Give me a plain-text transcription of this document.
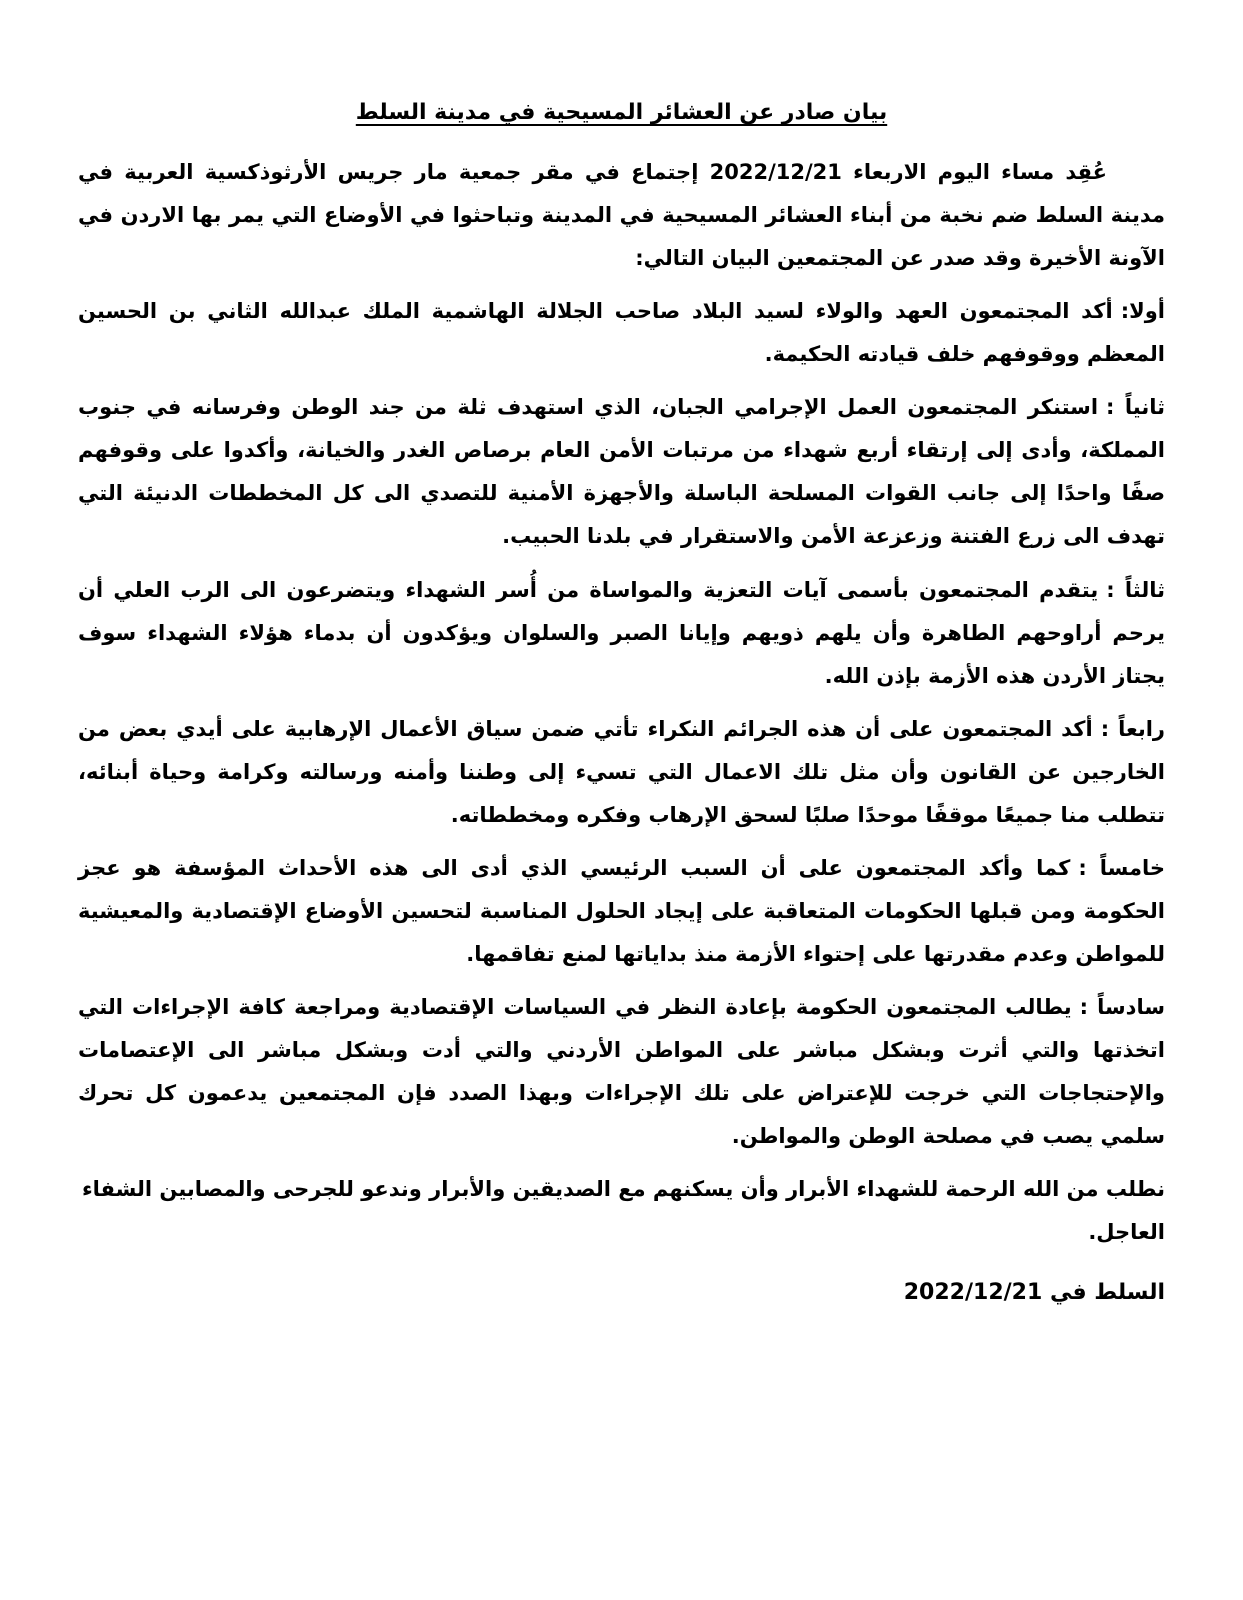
بيان صادر عن العشائر المسيحية في مدينة السلط

عُقِد مساء اليوم الاربعاء 2022/12/21 إجتماع في مقر جمعية مار جريس الأرثوذكسية العربية في مدينة السلط ضم نخبة من أبناء العشائر المسيحية في المدينة وتباحثوا في الأوضاع التي يمر بها الاردن في الآونة الأخيرة وقد صدر عن المجتمعين البيان التالي:

أولا:أكد المجتمعون العهد والولاء لسيد البلاد صاحب الجلالة الهاشمية الملك عبدالله الثاني بن الحسين المعظم ووقوفهم خلف قيادته الحكيمة.

ثانياً :استنكر المجتمعون العمل الإجرامي الجبان، الذي استهدف ثلة من جند الوطن وفرسانه في جنوب المملكة، وأدى إلى إرتقاء أربع شهداء من مرتبات الأمن العام برصاص الغدر والخيانة، وأكدوا على وقوفهم صفًا واحدًا إلى جانب القوات المسلحة الباسلة والأجهزة الأمنية للتصدي الى كل المخططات الدنيئة التي تهدف الى زرع الفتنة وزعزعة الأمن والاستقرار في بلدنا الحبيب.

ثالثاً :يتقدم المجتمعون بأسمى آيات التعزية والمواساة من أُسر الشهداء ويتضرعون الى الرب العلي أن يرحم أراوحهم الطاهرة وأن يلهم ذويهم وإيانا الصبر والسلوان ويؤكدون أن بدماء هؤلاء الشهداء سوف يجتاز الأردن هذه الأزمة بإذن الله.

رابعاً :أكد المجتمعون على أن هذه الجرائم النكراء تأتي ضمن سياق الأعمال الإرهابية على أيدي بعض من الخارجين عن القانون وأن مثل تلك الاعمال التي تسيء إلى وطننا وأمنه ورسالته وكرامة وحياة أبنائه، تتطلب منا جميعًا موقفًا موحدًا صلبًا لسحق الإرهاب وفكره ومخططاته.

خامساً :كما وأكد المجتمعون على أن السبب الرئيسي الذي أدى الى هذه الأحداث المؤسفة هو عجز الحكومة ومن قبلها الحكومات المتعاقبة على إيجاد الحلول المناسبة لتحسين الأوضاع الإقتصادية والمعيشية للمواطن وعدم مقدرتها على إحتواء الأزمة منذ بداياتها لمنع تفاقمها.

سادساً :يطالب المجتمعون الحكومة بإعادة النظر في السياسات الإقتصادية ومراجعة كافة الإجراءات التي اتخذتها والتي أثرت وبشكل مباشر على المواطن الأردني والتي أدت وبشكل مباشر الى الإعتصامات والإحتجاجات التي خرجت للإعتراض على تلك الإجراءات وبهذا الصدد فإن المجتمعين يدعمون كل تحرك سلمي يصب في مصلحة الوطن والمواطن.

نطلب من الله الرحمة للشهداء الأبرار وأن يسكنهم مع الصديقين والأبرار وندعو للجرحى والمصابين الشفاء العاجل.

السلط في 2022/12/21
